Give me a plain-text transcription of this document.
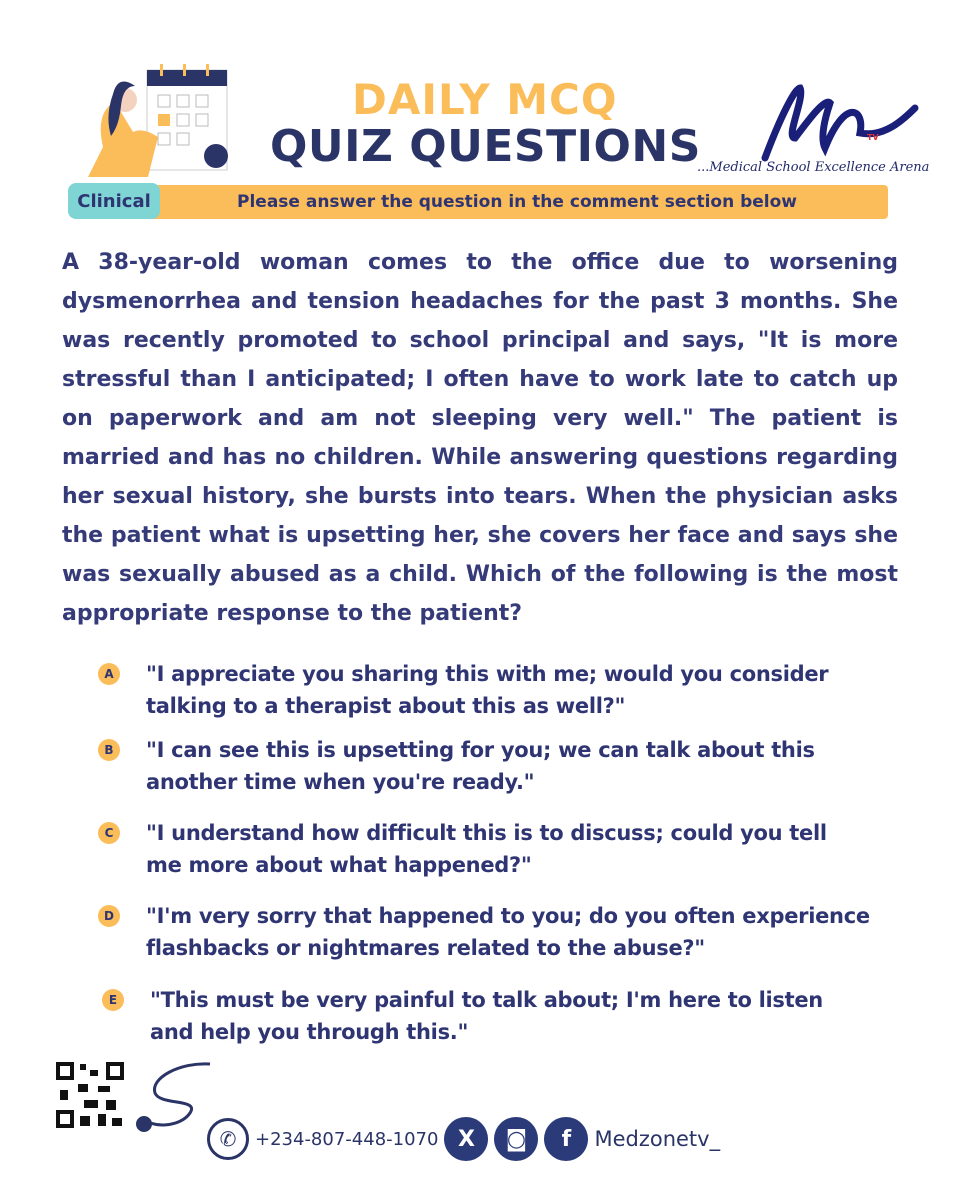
DAILY MCQ
QUIZ QUESTIONS	TV
...Medical School Excellence Arena
Clinical	Please answer the question in the comment section below
A 38-year-old woman comes to the office due to worsening dysmenorrhea and tension headaches for the past 3 months. She was recently promoted to school principal and says, "It is more stressful than I anticipated; I often have to work late to catch up on paperwork and am not sleeping very well." The patient is married and has no children. While answering questions regarding her sexual history, she bursts into tears. When the physician asks the patient what is upsetting her, she covers her face and says she was sexually abused as a child. Which of the following is the most appropriate response to the patient?
A	"I appreciate you sharing this with me; would you consider talking to a therapist about this as well?"
B	"I can see this is upsetting for you; we can talk about this another time when you're ready."
C	"I understand how difficult this is to discuss; could you tell me more about what happened?"
D "I'm very sorry that happened to you; do you often experience flashbacks or nightmares related to the abuse?"
E	"This must be very painful to talk about; I'm here to listen and help you through this."
✆	+234-807-448-1070 X	◙	f	Medzonetv_
